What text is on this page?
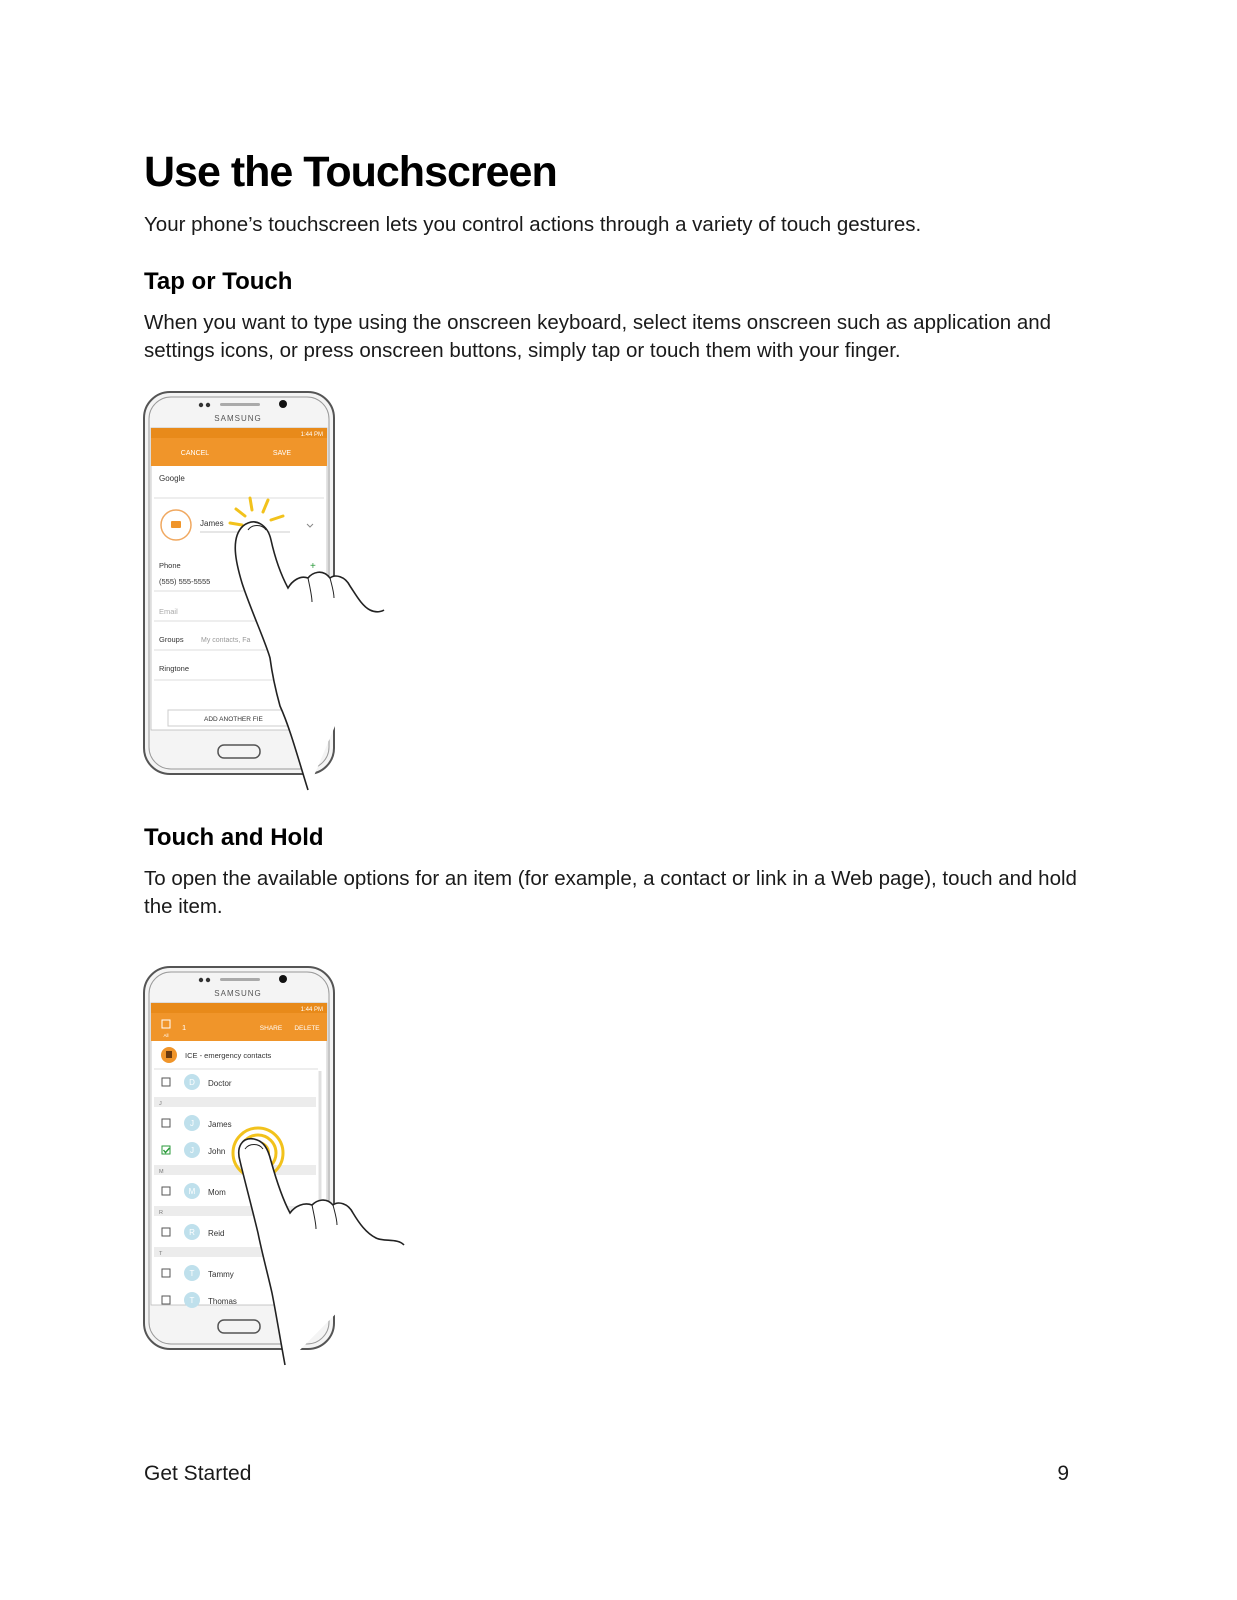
Use the Touchscreen

Your phone’s touchscreen lets you control actions through a variety of touch gestures.

Tap or Touch

When you want to type using the onscreen keyboard, select items onscreen such as application and settings icons, or press onscreen buttons, simply tap or touch them with your finger.

SAMSUNG
1:44 PM
CANCEL	SAVE
Google
James
Phone	+
(555) 555-5555
Email
Groups My contacts, Fa
Ringtone
ADD ANOTHER FIE
Touch and Hold

To open the available options for an item (for example, a contact or link in a Web page), touch and hold the item.

SAMSUNG
1:44 PM
All
1	SHARE DELETE
ICE - emergency contacts
D Doctor
J
J James
J John
M
M Mom
R
R Reid
T
T Tammy
T Thomas
Get Started	9
